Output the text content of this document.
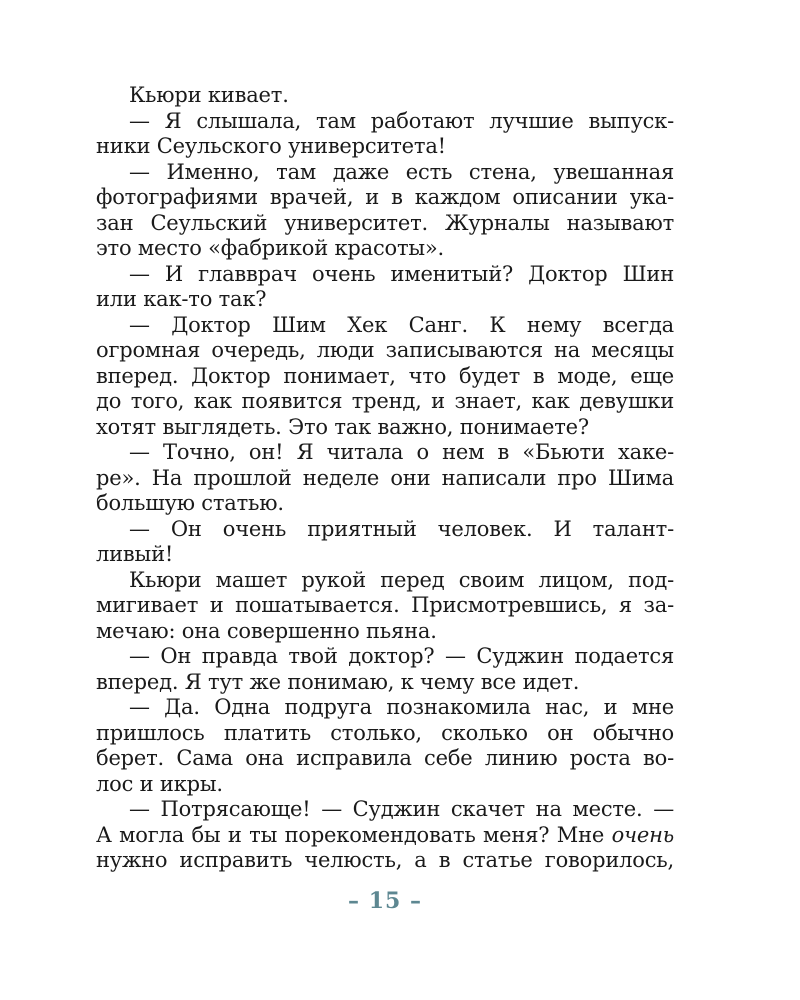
Кьюри кивает.
— Я слышала, там работают лучшие выпуск-
ники Сеульского университета!
— Именно, там даже есть стена, увешанная
фотографиями врачей, и в каждом описании ука-
зан Сеульский университет. Журналы называют
это место «фабрикой красоты».
— И главврач очень именитый? Доктор Шин
или как-то так?
— Доктор Шим Хек Санг. К нему всегда
огромная очередь, люди записываются на месяцы
вперед. Доктор понимает, что будет в моде, еще
до того, как появится тренд, и знает, как девушки
хотят выглядеть. Это так важно, понимаете?
— Точно, он! Я читала о нем в «Бьюти хаке-
ре». На прошлой неделе они написали про Шима
большую статью.
— Он очень приятный человек. И талант-
ливый!
Кьюри машет рукой перед своим лицом, под-
мигивает и пошатывается. Присмотревшись, я за-
мечаю: она совершенно пьяна.
— Он правда твой доктор? — Суджин подается
вперед. Я тут же понимаю, к чему все идет.
— Да. Одна подруга познакомила нас, и мне
пришлось платить столько, сколько он обычно
берет. Сама она исправила себе линию роста во-
лос и икры.
— Потрясающе! — Суджин скачет на месте. —
А могла бы и ты порекомендовать меня? Мне очень
нужно исправить челюсть, а в статье говорилось,
– 15 –
